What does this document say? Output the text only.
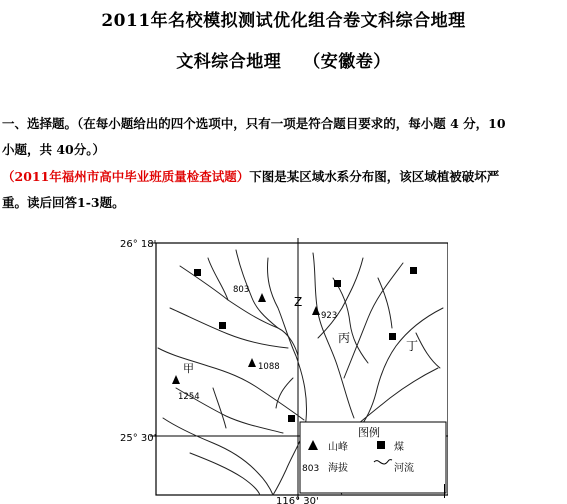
2011年名校模拟测试优化组合卷文科综合地理
文科综合地理 （安徽卷）
一、选择题。（在每小题给出的四个选项中，只有一项是符合题目要求的，每小题 4 分，10
小题，共 40分。）
（2011年福州市高中毕业班质量检查试题）下图是某区域水系分布图，该区域植被破坏严
重。读后回答1-3题。
26° 18'
25° 30'
116° 30'
803
923
1088
1254
甲
Z
丙
丁
图例
山峰	煤
803 海拔	河流
